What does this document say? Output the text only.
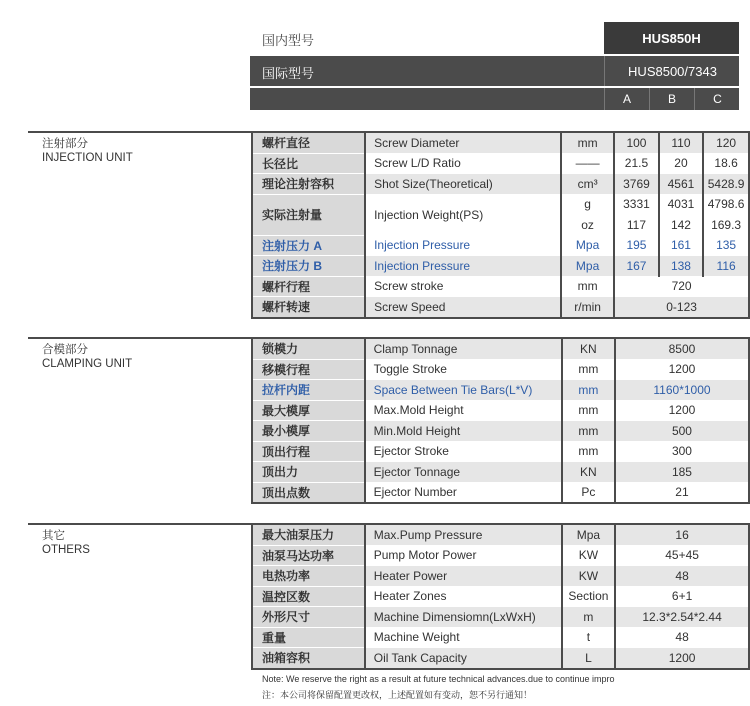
国内型号	HUS850H
国际型号	HUS8500/7343
A	B	C
注射部分
INJECTION UNIT
螺杆直径	Screw Diameter	mm	100	110	120
长径比	Screw L/D Ratio	——	21.5	20	18.6
理论注射容积	Shot Size(Theoretical)	cm³	3769	4561	5428.9
实际注射量	Injection Weight(PS)	g	3331	4031	4798.6
		oz	117	142	169.3
注射压力 A	Injection Pressure	Mpa	195	161	135
注射压力 B	Injection Pressure	Mpa	167	138	116
螺杆行程	Screw stroke	mm	720		
螺杆转速	Screw Speed	r/min	0-123		
合模部分
CLAMPING UNIT
锁模力	Clamp Tonnage	KN	8500
移模行程	Toggle Stroke	mm	1200
拉杆内距	Space Between Tie Bars(L*V)	mm	1160*1000
最大模厚	Max.Mold Height	mm	1200
最小模厚	Min.Mold Height	mm	500
顶出行程	Ejector Stroke	mm	300
顶出力	Ejector Tonnage	KN	185
顶出点数	Ejector Number	Pc	21
其它
OTHERS
最大油泵压力	Max.Pump Pressure	Mpa	16
油泵马达功率	Pump Motor Power	KW	45+45
电热功率	Heater Power	KW	48
温控区数	Heater Zones	Section	6+1
外形尺寸	Machine Dimensiomn(LxWxH)	m	12.3*2.54*2.44
重量	Machine Weight	t	48
油箱容积	Oil Tank Capacity	L	1200
Note: We reserve the right as a result at future technical advances.due to continue impro
注：本公司将保留配置更改权，上述配置如有变动，恕不另行通知！
